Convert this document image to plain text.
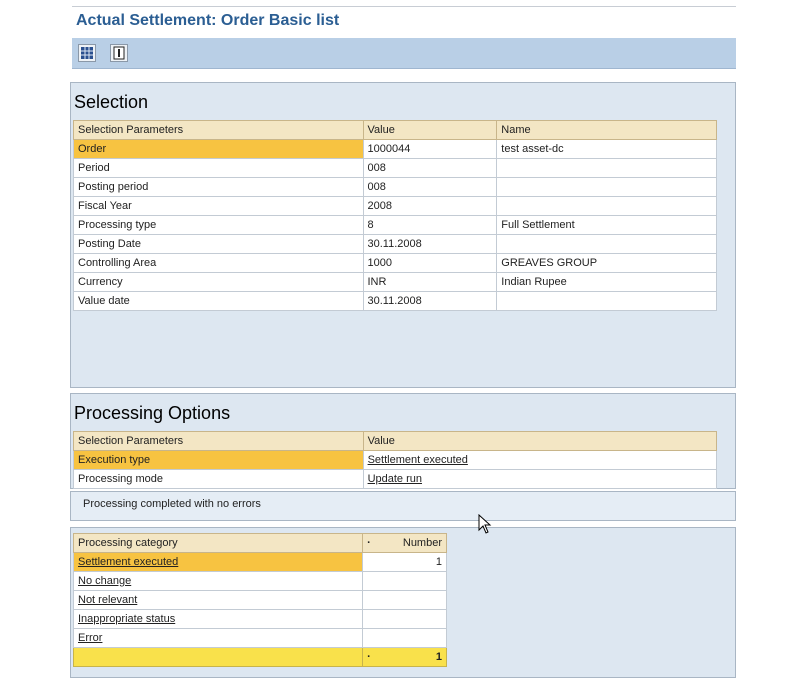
Actual Settlement: Order Basic list
Selection
Selection Parameters	Value	Name
Order	1000044	test asset-dc
Period	008	
Posting period	008	
Fiscal Year	2008	
Processing type	8	Full Settlement
Posting Date	30.11.2008	
Controlling Area	1000	GREAVES GROUP
Currency	INR	Indian Rupee
Value date	30.11.2008	
Processing Options
Selection Parameters	Value
Execution type	Settlement executed
Processing mode	Update run
Processing completed with no errors
Processing category	· Number

Settlement executed	1
No change	
Not relevant	
Inappropriate status	
Error	

	· 1
